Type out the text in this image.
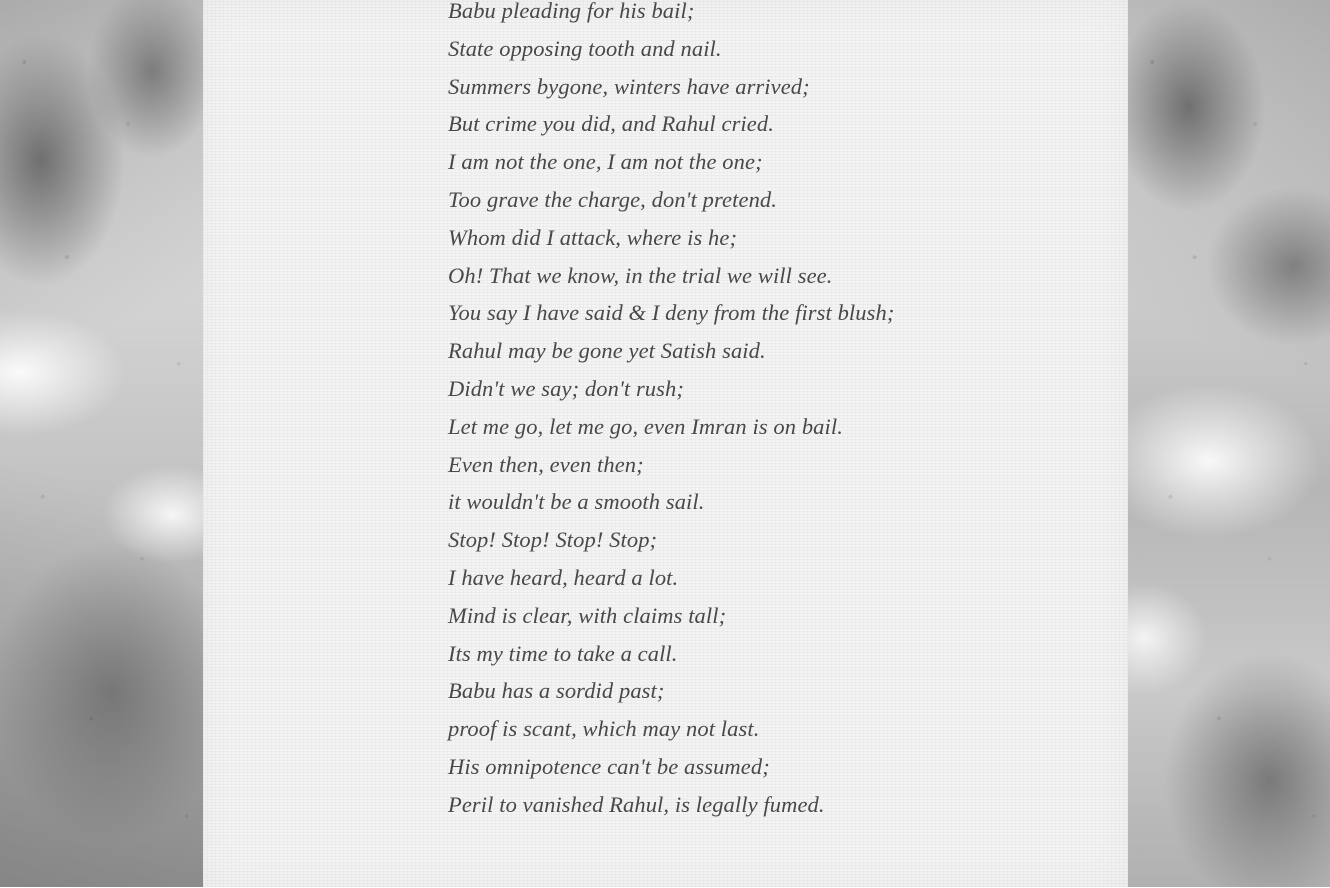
Babu pleading for his bail;
State opposing tooth and nail.
Summers bygone, winters have arrived;
But crime you did, and Rahul cried.
I am not the one, I am not the one;
Too grave the charge, don't pretend.
Whom did I attack, where is he;
Oh! That we know, in the trial we will see.
You say I have said & I deny from the first blush;
Rahul may be gone yet Satish said.
Didn't we say; don't rush;
Let me go, let me go, even Imran is on bail.
Even then, even then;
it wouldn't be a smooth sail.
Stop! Stop! Stop! Stop;
I have heard, heard a lot.
Mind is clear, with claims tall;
Its my time to take a call.
Babu has a sordid past;
proof is scant, which may not last.
His omnipotence can't be assumed;
Peril to vanished Rahul, is legally fumed.
